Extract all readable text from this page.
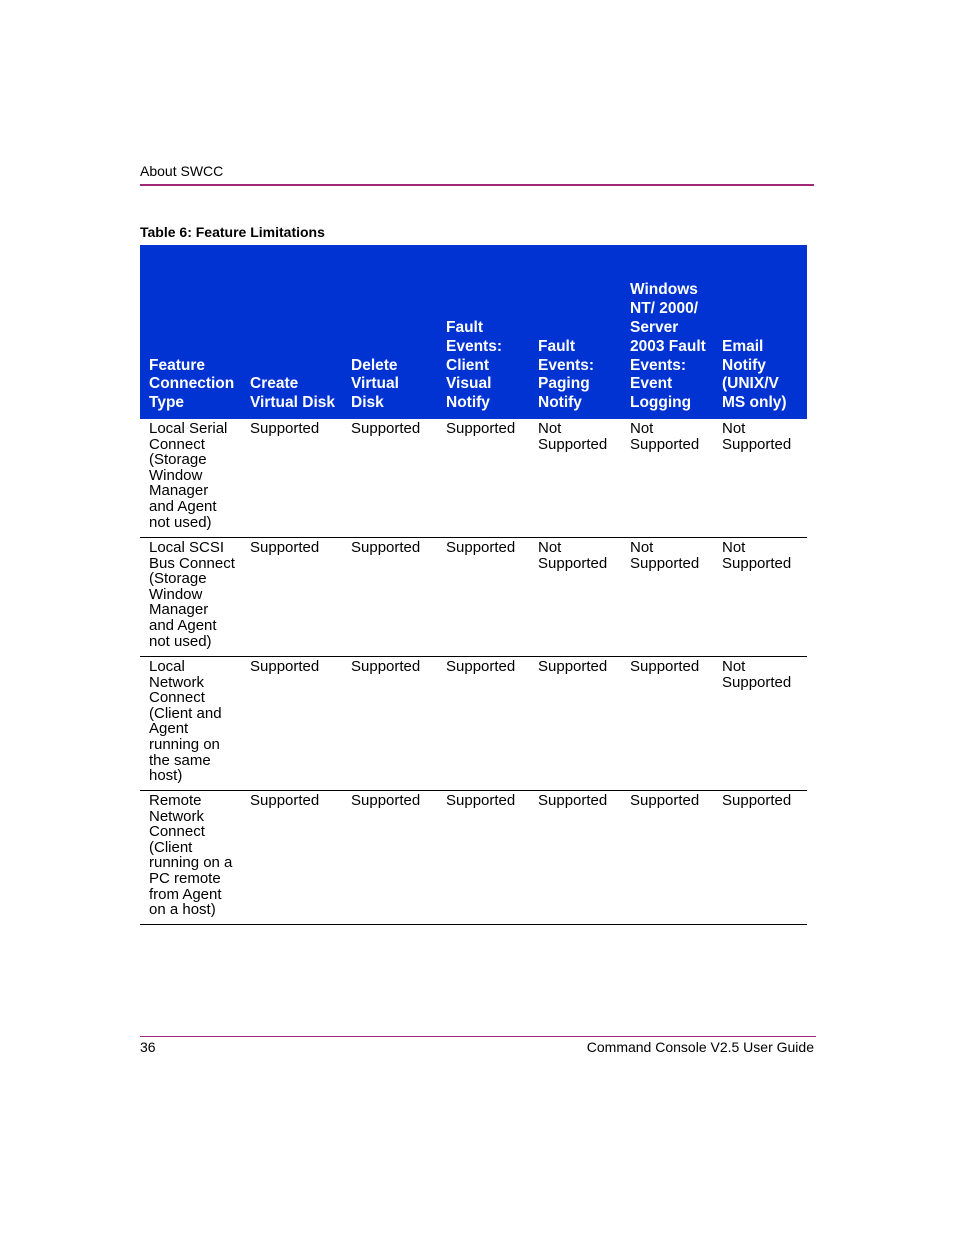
About SWCC
Table 6: Feature Limitations
Feature Connection Type	Create Virtual Disk	Delete Virtual Disk	Fault Events: Client Visual Notify	Fault Events: Paging Notify	Windows NT/ 2000/ Server 2003 Fault Events: Event Logging	Email Notify (UNIX/V MS only)
Local Serial Connect (Storage Window Manager and Agent not used)	Supported	Supported	Supported	Not Supported	Not Supported	Not Supported
Local SCSI Bus Connect (Storage Window Manager and Agent not used)	Supported	Supported	Supported	Not Supported	Not Supported	Not Supported
Local Network Connect (Client and Agent running on the same host)	Supported	Supported	Supported	Supported	Supported	Not Supported
Remote Network Connect (Client running on a PC remote from Agent on a host)	Supported	Supported	Supported	Supported	Supported	Supported
36	Command Console V2.5 User Guide
